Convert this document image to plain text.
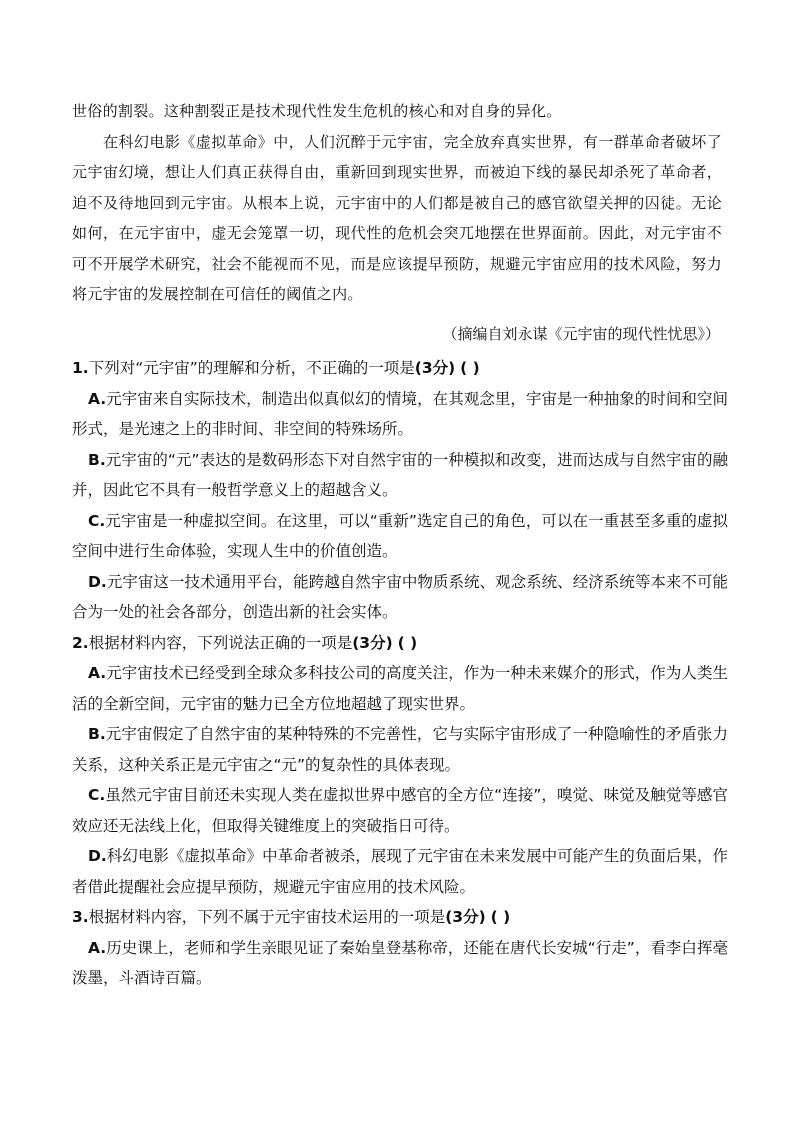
世俗的割裂。这种割裂正是技术现代性发生危机的核心和对自身的异化。

在科幻电影《虚拟革命》中，人们沉醉于元宇宙，完全放弃真实世界，有一群革命者破坏了元宇宙幻境，想让人们真正获得自由，重新回到现实世界，而被迫下线的暴民却杀死了革命者，迫不及待地回到元宇宙。从根本上说，元宇宙中的人们都是被自己的感官欲望关押的囚徒。无论如何，在元宇宙中，虚无会笼罩一切，现代性的危机会突兀地摆在世界面前。因此，对元宇宙不可不开展学术研究，社会不能视而不见，而是应该提早预防，规避元宇宙应用的技术风险，努力将元宇宙的发展控制在可信任的阈值之内。

（摘编自刘永谋《元宇宙的现代性忧思》）

1.下列对“元宇宙”的理解和分析，不正确的一项是(3分) ( )

A.元宇宙来自实际技术，制造出似真似幻的情境，在其观念里，宇宙是一种抽象的时间和空间形式，是光速之上的非时间、非空间的特殊场所。

B.元宇宙的“元”表达的是数码形态下对自然宇宙的一种模拟和改变，进而达成与自然宇宙的融并，因此它不具有一般哲学意义上的超越含义。

C.元宇宙是一种虚拟空间。在这里，可以“重新”选定自己的角色，可以在一重甚至多重的虚拟空间中进行生命体验，实现人生中的价值创造。

D.元宇宙这一技术通用平台，能跨越自然宇宙中物质系统、观念系统、经济系统等本来不可能合为一处的社会各部分，创造出新的社会实体。

2.根据材料内容，下列说法正确的一项是(3分) ( )

A.元宇宙技术已经受到全球众多科技公司的高度关注，作为一种未来媒介的形式，作为人类生活的全新空间，元宇宙的魅力已全方位地超越了现实世界。

B.元宇宙假定了自然宇宙的某种特殊的不完善性，它与实际宇宙形成了一种隐喻性的矛盾张力关系，这种关系正是元宇宙之“元”的复杂性的具体表现。

C.虽然元宇宙目前还未实现人类在虚拟世界中感官的全方位“连接”，嗅觉、味觉及触觉等感官效应还无法线上化，但取得关键维度上的突破指日可待。

D.科幻电影《虚拟革命》中革命者被杀，展现了元宇宙在未来发展中可能产生的负面后果，作者借此提醒社会应提早预防，规避元宇宙应用的技术风险。

3.根据材料内容，下列不属于元宇宙技术运用的一项是(3分) ( )

A.历史课上，老师和学生亲眼见证了秦始皇登基称帝，还能在唐代长安城“行走”，看李白挥毫泼墨，斗酒诗百篇。
